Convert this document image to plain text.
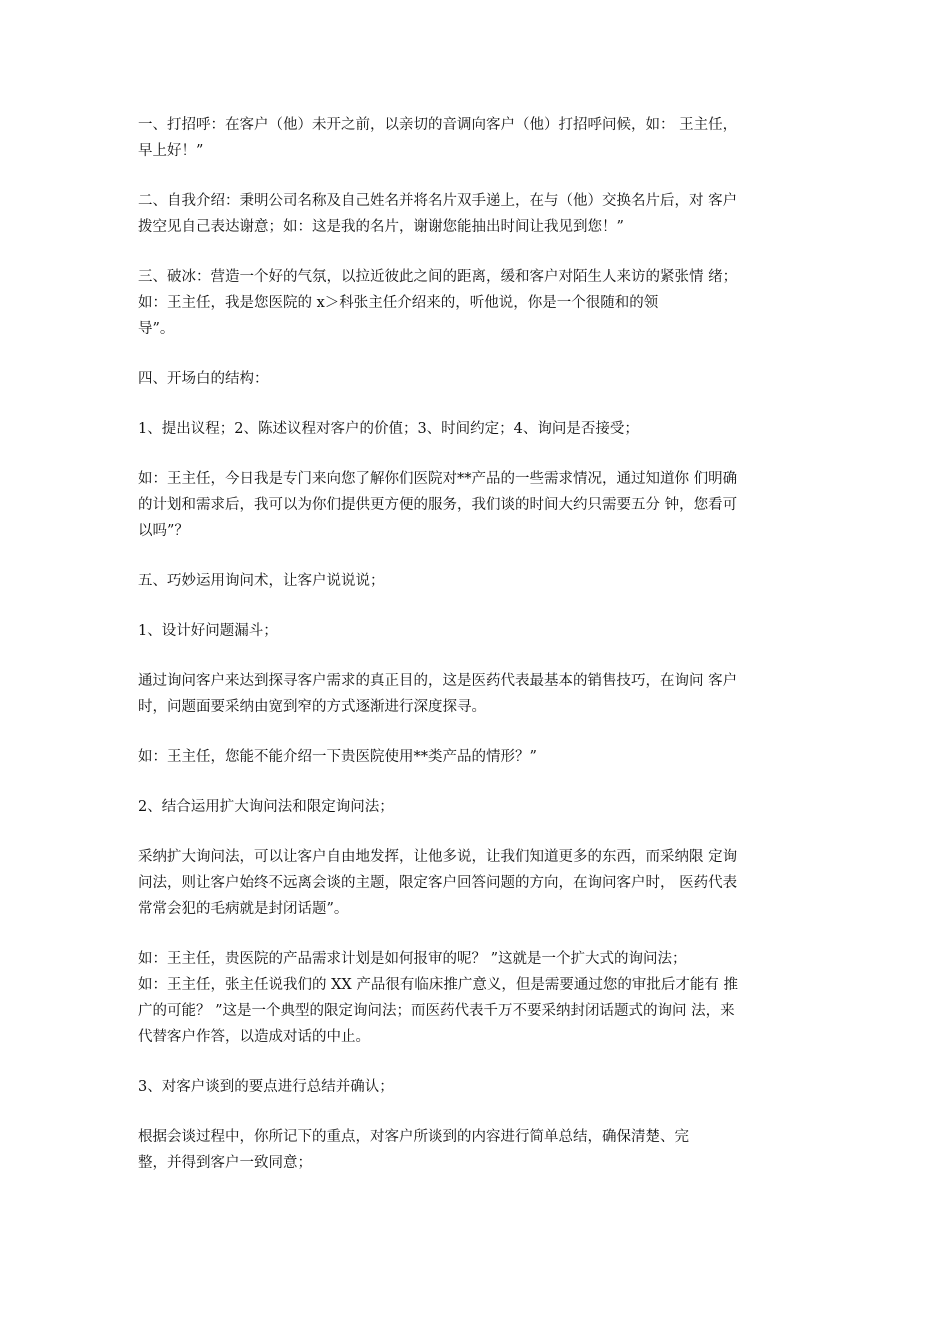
一、打招呼：在客户（他）未开之前，以亲切的音调向客户（他）打招呼问候，如： 王主任，
早上好！”

二、自我介绍：秉明公司名称及自己姓名并将名片双手递上，在与（他）交换名片后，对 客户
拨空见自己表达谢意；如：这是我的名片，谢谢您能抽出时间让我见到您！”

三、破冰：营造一个好的气氛，以拉近彼此之间的距离，缓和客户对陌生人来访的紧张情 绪；
如：王主任，我是您医院的 x＞科张主任介绍来的，听他说，你是一个很随和的领
导”。

四、开场白的结构：

1、提出议程；2、陈述议程对客户的价值；3、时间约定；4、询问是否接受；

如：王主任，今日我是专门来向您了解你们医院对**产品的一些需求情况，通过知道你 们明确
的计划和需求后，我可以为你们提供更方便的服务，我们谈的时间大约只需要五分 钟，您看可
以吗”？

五、巧妙运用询问术，让客户说说说；

1、设计好问题漏斗；

通过询问客户来达到探寻客户需求的真正目的，这是医药代表最基本的销售技巧，在询问 客户
时，问题面要采纳由宽到窄的方式逐渐进行深度探寻。

如：王主任，您能不能介绍一下贵医院使用**类产品的情形？”

2、结合运用扩大询问法和限定询问法；

采纳扩大询问法，可以让客户自由地发挥，让他多说，让我们知道更多的东西，而采纳限 定询
问法，则让客户始终不远离会谈的主题，限定客户回答问题的方向，在询问客户时， 医药代表
常常会犯的毛病就是封闭话题”。

如：王主任，贵医院的产品需求计划是如何报审的呢？ ”这就是一个扩大式的询问法；
如：王主任，张主任说我们的 XX 产品很有临床推广意义，但是需要通过您的审批后才能有 推
广的可能？ ”这是一个典型的限定询问法；而医药代表千万不要采纳封闭话题式的询问 法，来
代替客户作答，以造成对话的中止。

3、对客户谈到的要点进行总结并确认；

根据会谈过程中，你所记下的重点，对客户所谈到的内容进行简单总结，确保清楚、完
整，并得到客户一致同意；
